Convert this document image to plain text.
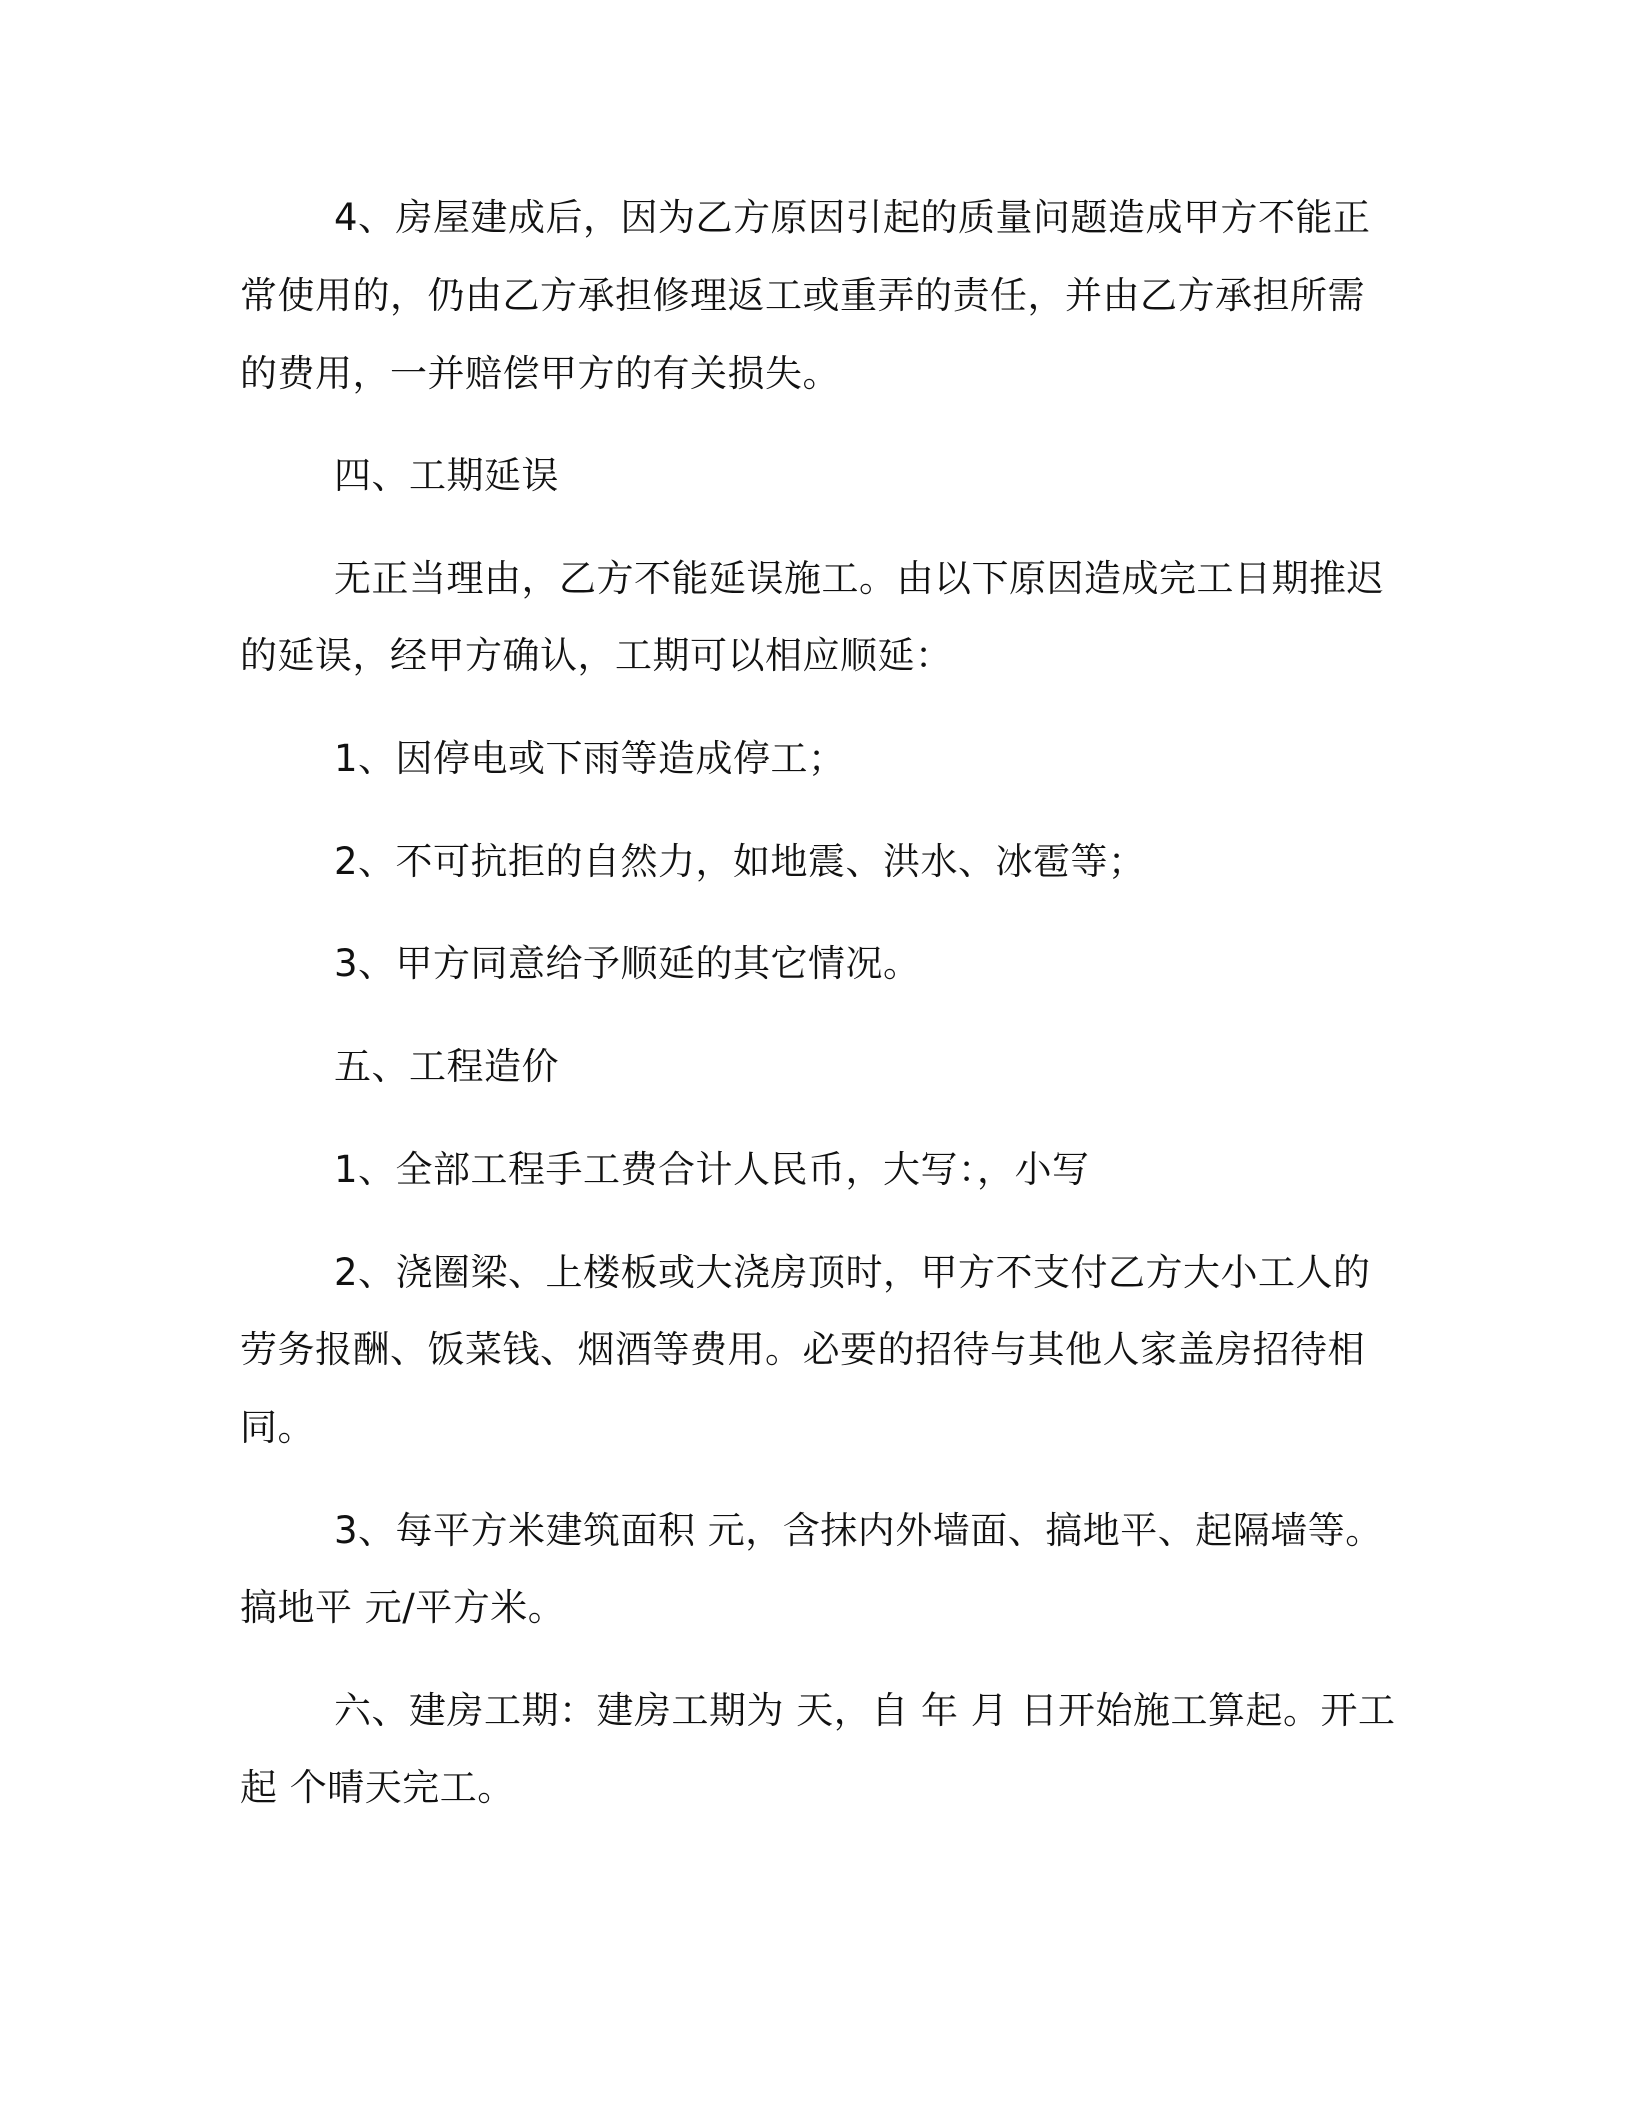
4、房屋建成后，因为乙方原因引起的质量问题造成甲方不能正
常使用的，仍由乙方承担修理返工或重弄的责任，并由乙方承担所需
的费用，一并赔偿甲方的有关损失。
四、工期延误
无正当理由，乙方不能延误施工。由以下原因造成完工日期推迟
的延误，经甲方确认，工期可以相应顺延：
1、因停电或下雨等造成停工；
2、不可抗拒的自然力，如地震、洪水、冰雹等；
3、甲方同意给予顺延的其它情况。
五、工程造价
1、全部工程手工费合计人民币，大写：，小写
2、浇圈梁、上楼板或大浇房顶时，甲方不支付乙方大小工人的
劳务报酬、饭菜钱、烟酒等费用。必要的招待与其他人家盖房招待相
同。
3、每平方米建筑面积 元，含抹内外墙面、搞地平、起隔墙等。
搞地平 元/平方米。
六、建房工期：建房工期为 天，自 年 月 日开始施工算起。开工
起 个晴天完工。
